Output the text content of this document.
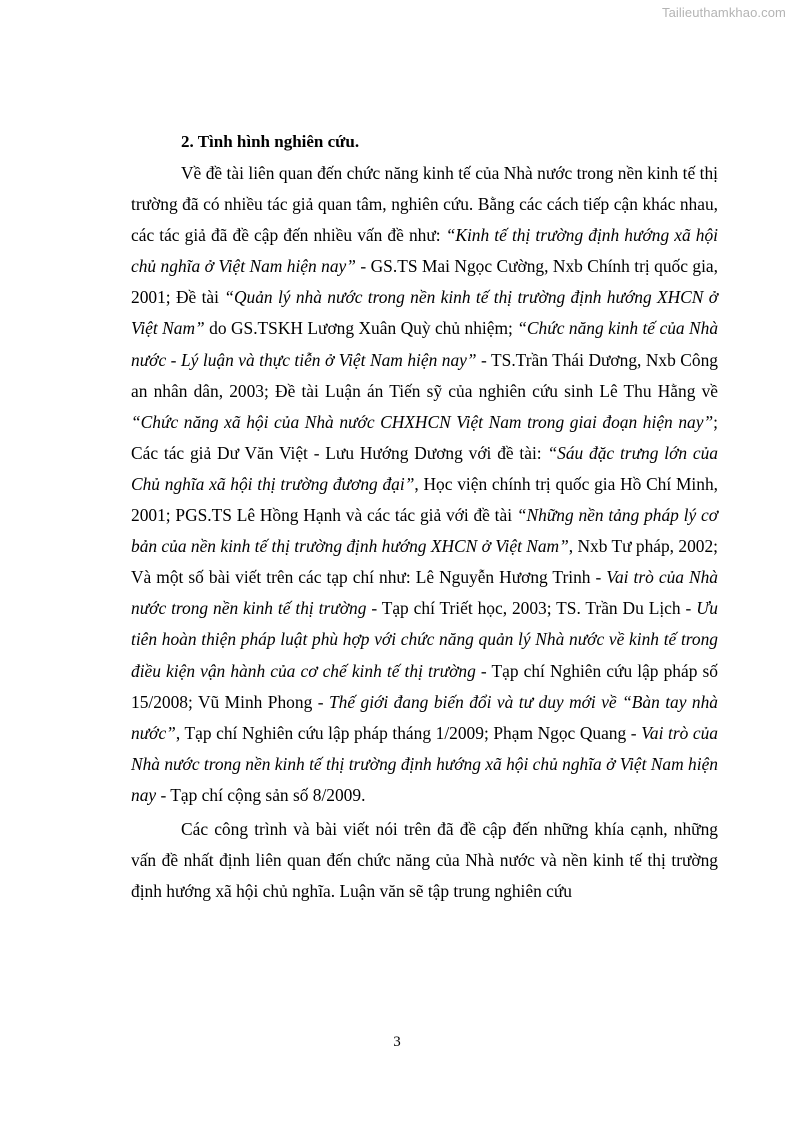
Tailieuthamkhao.com
2. Tình hình nghiên cứu.

Về đề tài liên quan đến chức năng kinh tế của Nhà nước trong nền kinh tế thị trường đã có nhiều tác giả quan tâm, nghiên cứu. Bằng các cách tiếp cận khác nhau, các tác giả đã đề cập đến nhiều vấn đề như: “Kinh tế thị trường định hướng xã hội chủ nghĩa ở Việt Nam hiện nay” - GS.TS Mai Ngọc Cường, Nxb Chính trị quốc gia, 2001; Đề tài “Quản lý nhà nước trong nền kinh tế thị trường định hướng XHCN ở Việt Nam” do GS.TSKH Lương Xuân Quỳ chủ nhiệm; “Chức năng kinh tế của Nhà nước - Lý luận và thực tiễn ở Việt Nam hiện nay” - TS.Trần Thái Dương, Nxb Công an nhân dân, 2003; Đề tài Luận án Tiến sỹ của nghiên cứu sinh Lê Thu Hằng về “Chức năng xã hội của Nhà nước CHXHCN Việt Nam trong giai đoạn hiện nay”; Các tác giả Dư Văn Việt - Lưu Hướng Dương với đề tài: “Sáu đặc trưng lớn của Chủ nghĩa xã hội thị trường đương đại”, Học viện chính trị quốc gia Hồ Chí Minh, 2001; PGS.TS Lê Hồng Hạnh và các tác giả với đề tài “Những nền tảng pháp lý cơ bản của nền kinh tế thị trường định hướng XHCN ở Việt Nam”, Nxb Tư pháp, 2002; Và một số bài viết trên các tạp chí như: Lê Nguyễn Hương Trinh - Vai trò của Nhà nước trong nền kinh tế thị trường - Tạp chí Triết học, 2003; TS. Trần Du Lịch - Ưu tiên hoàn thiện pháp luật phù hợp với chức năng quản lý Nhà nước về kinh tế trong điều kiện vận hành của cơ chế kinh tế thị trường - Tạp chí Nghiên cứu lập pháp số 15/2008; Vũ Minh Phong - Thế giới đang biến đổi và tư duy mới về “Bàn tay nhà nước”, Tạp chí Nghiên cứu lập pháp tháng 1/2009; Phạm Ngọc Quang - Vai trò của Nhà nước trong nền kinh tế thị trường định hướng xã hội chủ nghĩa ở Việt Nam hiện nay - Tạp chí cộng sản số 8/2009.

Các công trình và bài viết nói trên đã đề cập đến những khía cạnh, những vấn đề nhất định liên quan đến chức năng của Nhà nước và nền kinh tế thị trường định hướng xã hội chủ nghĩa. Luận văn sẽ tập trung nghiên cứu

3
